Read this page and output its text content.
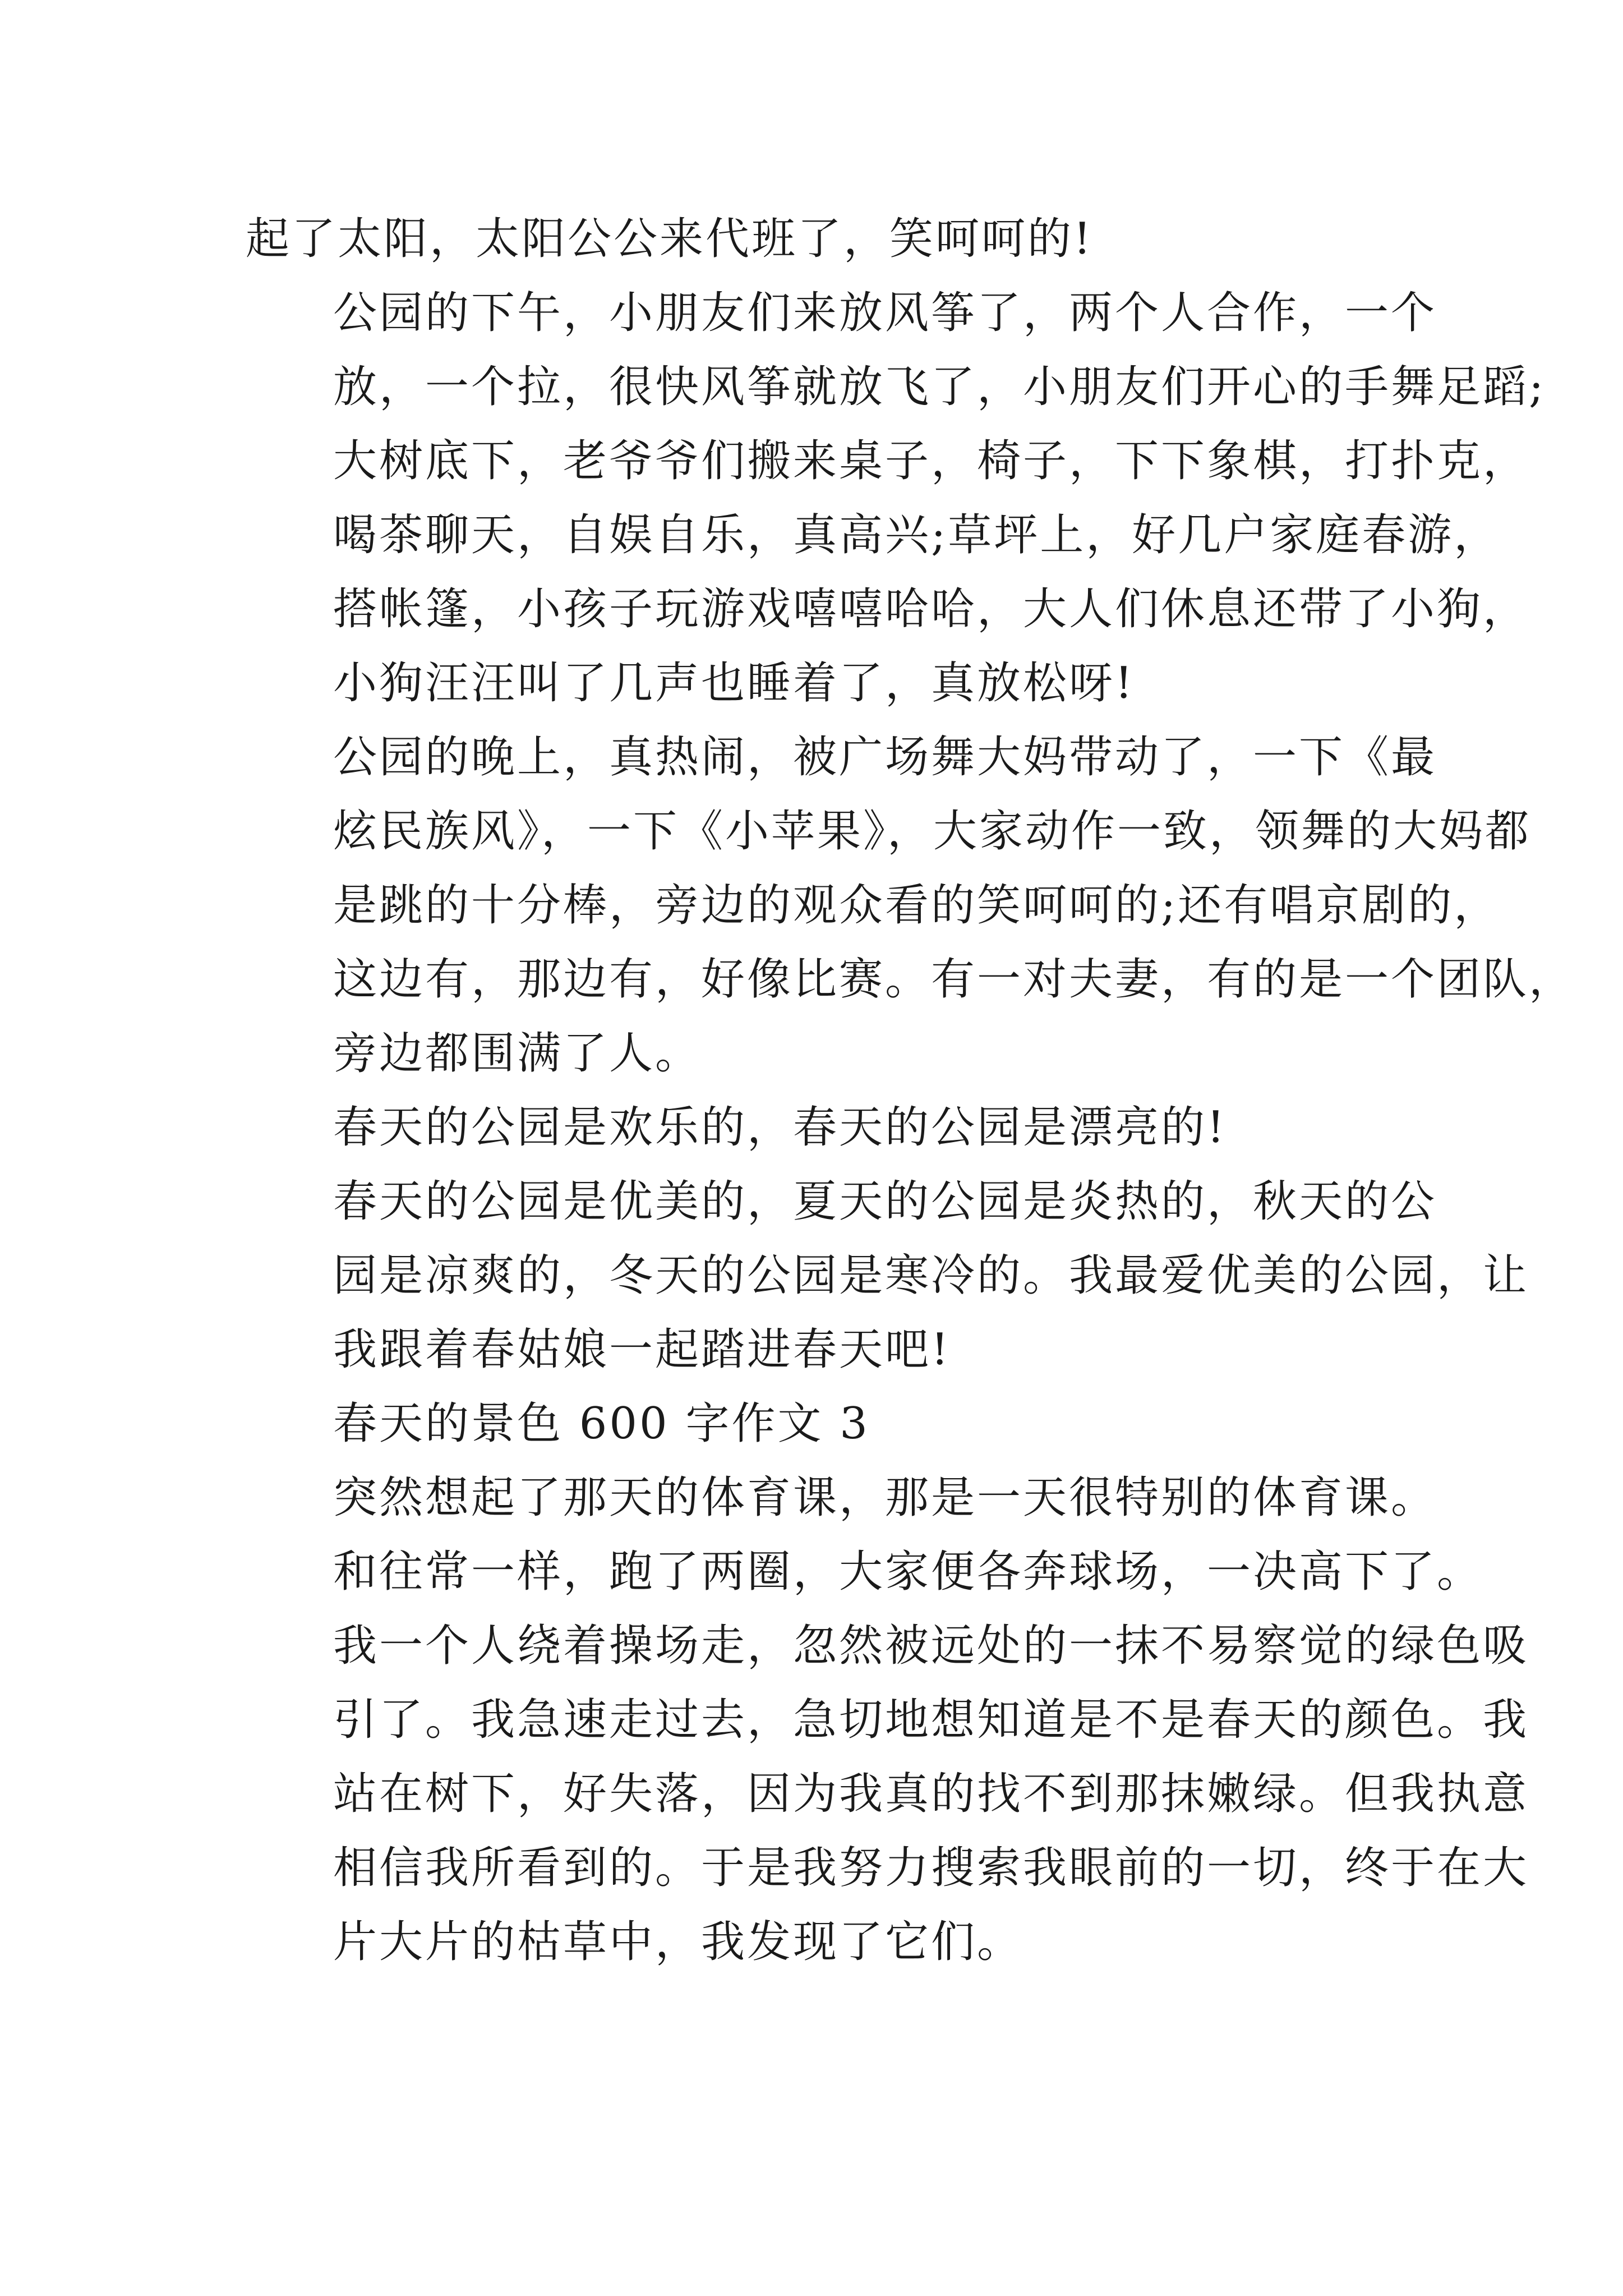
起了太阳，太阳公公来代班了，笑呵呵的!

公园的下午，小朋友们来放风筝了，两个人合作，一个
放，一个拉，很快风筝就放飞了，小朋友们开心的手舞足蹈;
大树底下，老爷爷们搬来桌子，椅子，下下象棋，打扑克，
喝茶聊天，自娱自乐，真高兴;草坪上，好几户家庭春游，
搭帐篷，小孩子玩游戏嘻嘻哈哈，大人们休息还带了小狗，
小狗汪汪叫了几声也睡着了，真放松呀!

公园的晚上，真热闹，被广场舞大妈带动了，一下《最
炫民族风》，一下《小苹果》，大家动作一致，领舞的大妈都
是跳的十分棒，旁边的观众看的笑呵呵的;还有唱京剧的，
这边有，那边有，好像比赛。有一对夫妻，有的是一个团队，
旁边都围满了人。

春天的公园是欢乐的，春天的公园是漂亮的!

春天的公园是优美的，夏天的公园是炎热的，秋天的公
园是凉爽的，冬天的公园是寒冷的。我最爱优美的公园，让
我跟着春姑娘一起踏进春天吧!

春天的景色 600 字作文 3

突然想起了那天的体育课，那是一天很特别的体育课。

和往常一样，跑了两圈，大家便各奔球场，一决高下了。
我一个人绕着操场走，忽然被远处的一抹不易察觉的绿色吸
引了。我急速走过去，急切地想知道是不是春天的颜色。我
站在树下，好失落，因为我真的找不到那抹嫩绿。但我执意
相信我所看到的。于是我努力搜索我眼前的一切，终于在大
片大片的枯草中，我发现了它们。
